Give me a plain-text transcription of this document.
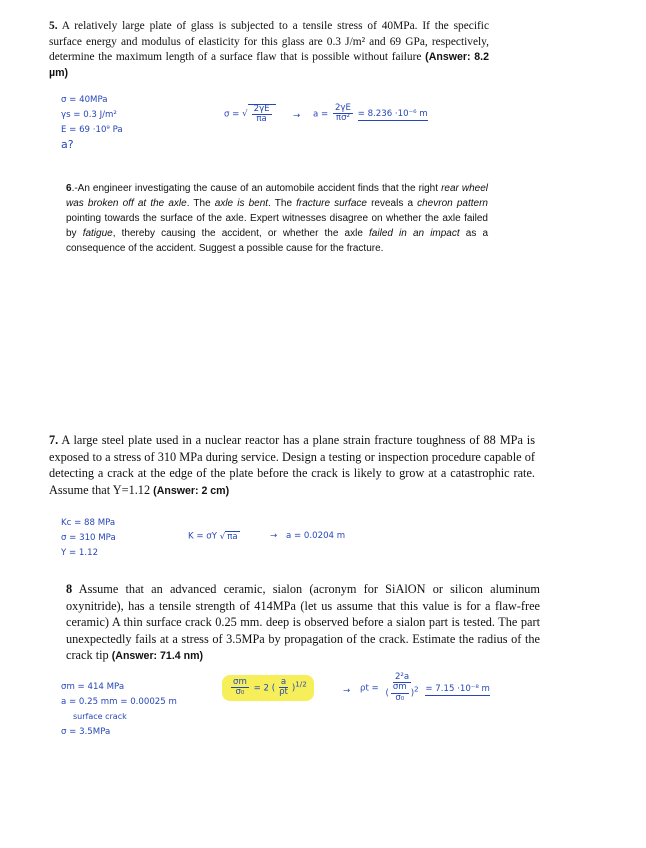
5. A relatively large plate of glass is subjected to a tensile stress of 40MPa. If the specific surface energy and modulus of elasticity for this glass are 0.3 J/m² and 69 GPa, respectively, determine the maximum length of a surface flaw that is possible without failure (Answer: 8.2 µm)
σ = 40MPa
γs = 0.3 J/m²
E = 69 ·10⁹ Pa
a?
σ = √ $\frac{2\gamma E}{\pi a} \to a = \frac{2\gamma E}{\text{πσ²}} = 8.236 \cdot 10^{-6}$ m
6.-An engineer investigating the cause of an automobile accident finds that the right rear wheel was broken off at the axle. The axle is bent. The fracture surface reveals a chevron pattern pointing towards the surface of the axle. Expert witnesses disagree on whether the axle failed by fatigue, thereby causing the accident, or whether the axle failed in an impact as a consequence of the accident. Suggest a possible cause for the fracture.
7. A large steel plate used in a nuclear reactor has a plane strain fracture toughness of 88 MPa is exposed to a stress of 310 MPa during service. Design a testing or inspection procedure capable of detecting a crack at the edge of the plate before the crack is likely to grow at a catastrophic rate. Assume that Y=1.12 (Answer: 2 cm)
Kc = 88 MPa
σ = 310 MPa
Y = 1.12
K = σY √ πa	→ a = 0.0204 m
8 Assume that an advanced ceramic, sialon (acronym for SiAlON or silicon aluminum oxynitride), has a tensile strength of 414MPa (let us assume that this value is for a flaw-free ceramic) A thin surface crack 0.25 mm. deep is observed before a sialon part is tested. The part unexpectedly fails at a stress of 3.5MPa by propagation of the crack. Estimate the radius of the crack tip (Answer: 71.4 nm)
σm = 414 MPa
a = 0.25 mm = 0.00025 m
surface crack
σ = 3.5MPa
$\frac{\sigma m}{\text{σ₀}} = 2$ ( $\frac{a}{\rho t} )^{1/2}$
→ $\rho t = \frac{\text{2²a}}{( \frac{\sigma m}{\text{σ₀}} )^2} = 7.15 \cdot 10^{-8}$ m
